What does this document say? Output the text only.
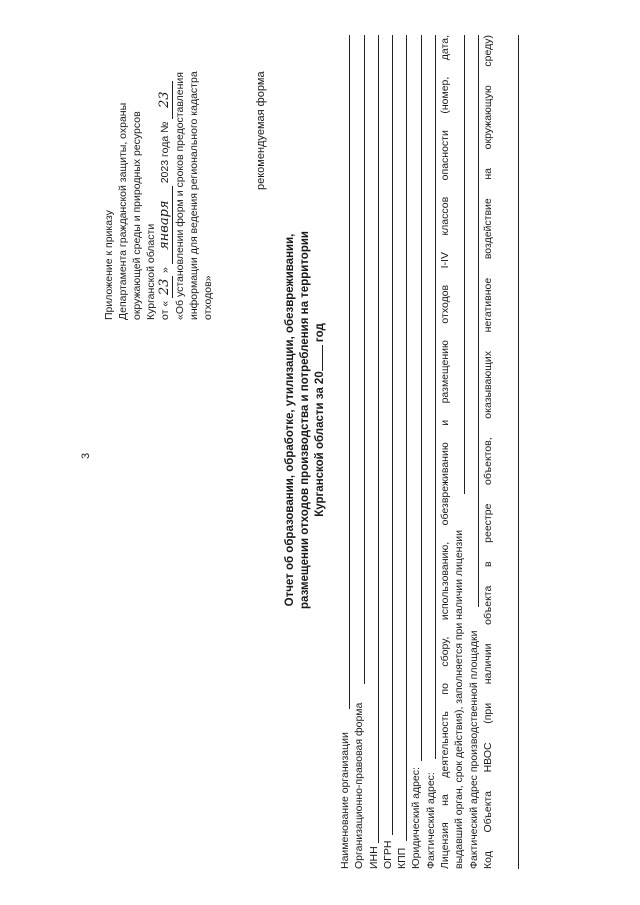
3
Приложение к приказу Департамента гражданской защиты, охраны окружающей среды и природных ресурсов Курганской области от « 23 » января 2023 года № 23 «Об установлении форм и сроков предоставления информации для ведения регионального кадастра отходов»
рекомендуемая форма
Отчет об образовании, обработке, утилизации, обезвреживании, размещении отходов производства и потребления на территории Курганской области за 20 год
Наименование организации Организационно-правовая форма ИНН ОГРН КПП Юридический адрес: Фактический адрес: Лицензия на деятельность по сбору, использованию, обезвреживанию и размещению отходов I-IV классов опасности (номер, дата, выдавший орган, срок действия), заполняется при наличии лицензии Фактический адрес производственной площадки Код Объекта НВОС (при наличии объекта в реестре объектов, оказывающих негативное воздействие на окружающую среду)
